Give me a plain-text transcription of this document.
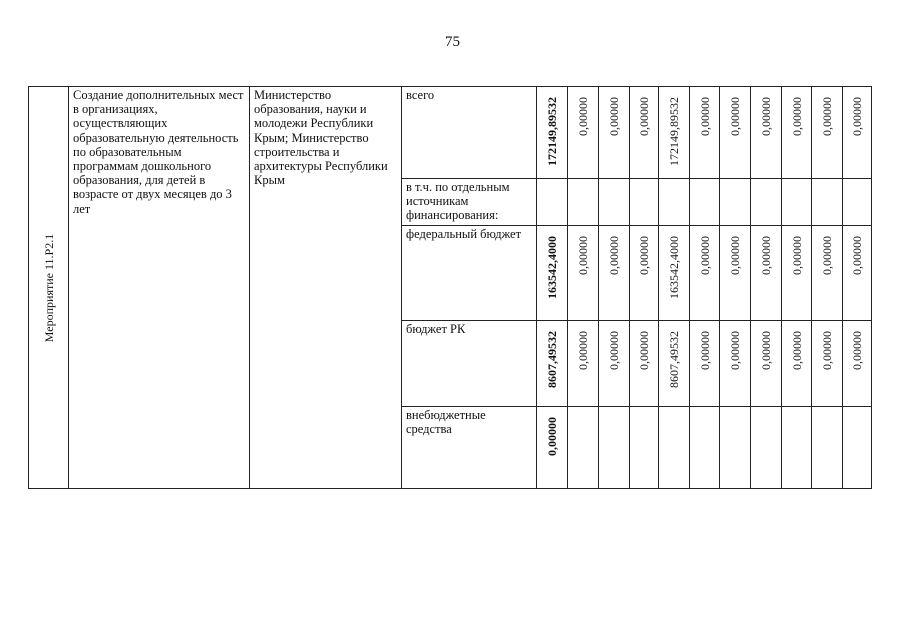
75
Мероприятие 11.P2.1	Создание дополнительных мест в организациях, осуществляющих образовательную деятельность по образовательным программам дошкольного образования, для детей в возрасте от двух месяцев до 3 лет	Министерство образования, науки и молодежи Республики Крым; Министерство строительства и архитектуры Республики Крым	всего	172149,89532	0,00000	0,00000	0,00000	172149,89532	0,00000	0,00000	0,00000	0,00000	0,00000	0,00000

			в т.ч. по отдельным источникам финансирования:	

			федеральный бюджет	163542,4000	0,00000	0,00000	0,00000	163542,4000	0,00000	0,00000	0,00000	0,00000	0,00000	0,00000

			бюджет РК	8607,49532	0,00000	0,00000	0,00000	8607,49532	0,00000	0,00000	0,00000	0,00000	0,00000	0,00000

			внебюджетные средства	0,00000										
